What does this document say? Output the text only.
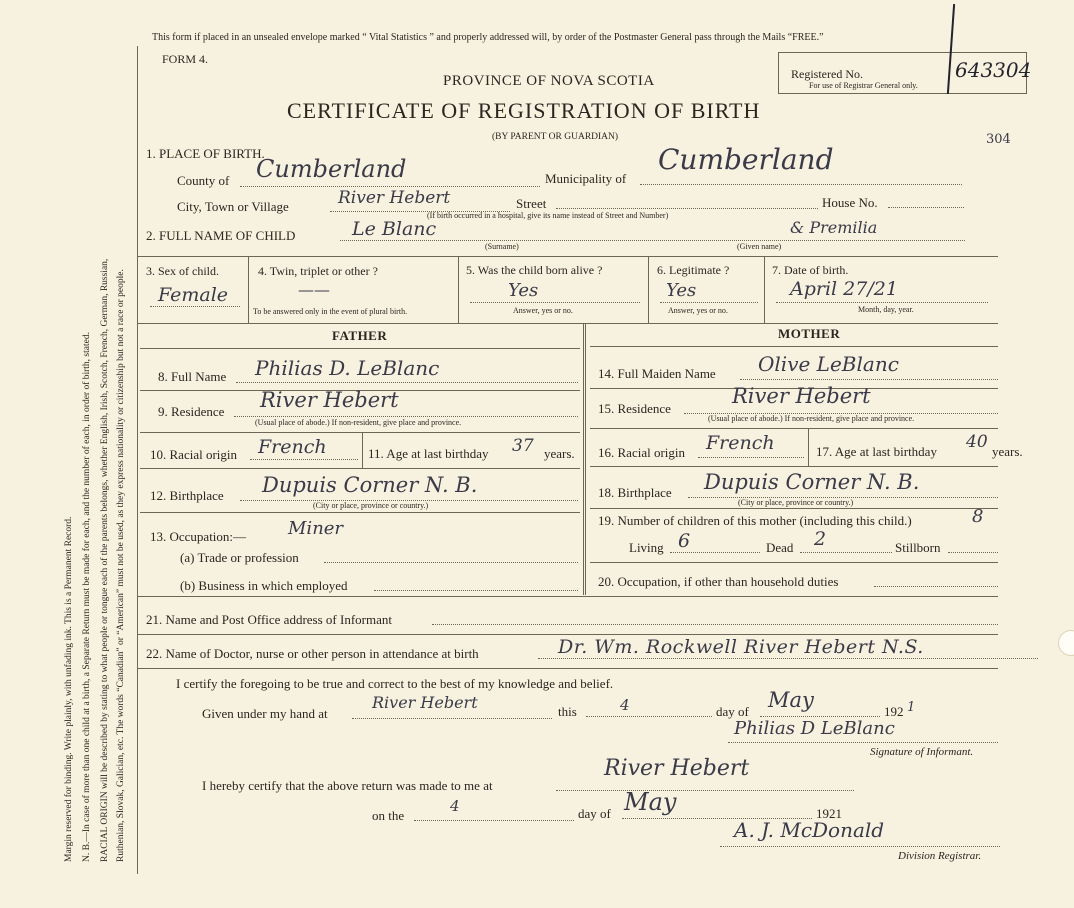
Margin reserved for binding. Write plainly, with unfading ink. This is a Permanent Record. N. B.—In case of more than one child at a birth, a Separate Return must be made for each, and the number of each, in order of birth, stated. RACIAL ORIGIN will be described by stating to what people or tongue each of the parents belongs, whether English, Irish, Scotch, French, German, Russian, Ruthenian, Slovak, Galician, etc. The words “Canadian” or “American” must not be used, as they express nationality or citizenship but not a race or people.
This form if placed in an unsealed envelope marked “ Vital Statistics ” and properly addressed will, by order of the Postmaster General pass through the Mails “FREE.”
FORM 4.
PROVINCE OF NOVA SCOTIA
CERTIFICATE OF REGISTRATION OF BIRTH
(BY PARENT OR GUARDIAN)
Registered No.
For use of Registrar General only.
643304
304
1. PLACE OF BIRTH.
County of Cumberland	Municipality of
Cumberland
City, Town or Village	River Hebert	Street	House No.
(If birth occurred in a hospital, give its name instead of Street and Number)
2. FULL NAME OF CHILD	Le Blanc
(Surname)
& Premilia
(Given name)
3. Sex of child.
Female
4. Twin, triplet or other ?
——
To be answered only in the event of plural birth.
5. Was the child born alive ?
Yes
Answer, yes or no.
6. Legitimate ?
Yes
Answer, yes or no.
7. Date of birth.
April 27/21
Month, day, year.
FATHER	MOTHER
8. Full Name Philias D. LeBlanc
9. Residence River Hebert
(Usual place of abode.) If non-resident, give place and province.
10. Racial origin French	11. Age at last birthday 37 years.
12. Birthplace Dupuis Corner N. B.
(City or place, province or country.)
13. Occupation:— Miner
(a) Trade or profession
(b) Business in which employed
14. Full Maiden Name Olive LeBlanc
15. Residence
River Hebert
(Usual place of abode.) If non-resident, give place and province.
16. Racial origin French	17. Age at last birthday 40 years.
18. Birthplace Dupuis Corner N. B.
(City or place, province or country.)
19. Number of children of this mother (including this child.)	8
Living 6	Dead 2	Stillborn
20. Occupation, if other than household duties
21. Name and Post Office address of Informant
22. Name of Doctor, nurse or other person in attendance at birth	Dr. Wm. Rockwell River Hebert N.S.
I certify the foregoing to be true and correct to the best of my knowledge and belief.
Given under my hand at
River Hebert	this	4	day of May	192 1
Philias D LeBlanc
Signature of Informant.
I hereby certify that the above return was made to me at
River Hebert
on the
4	day of May	1921
A. J. McDonald
Division Registrar.
